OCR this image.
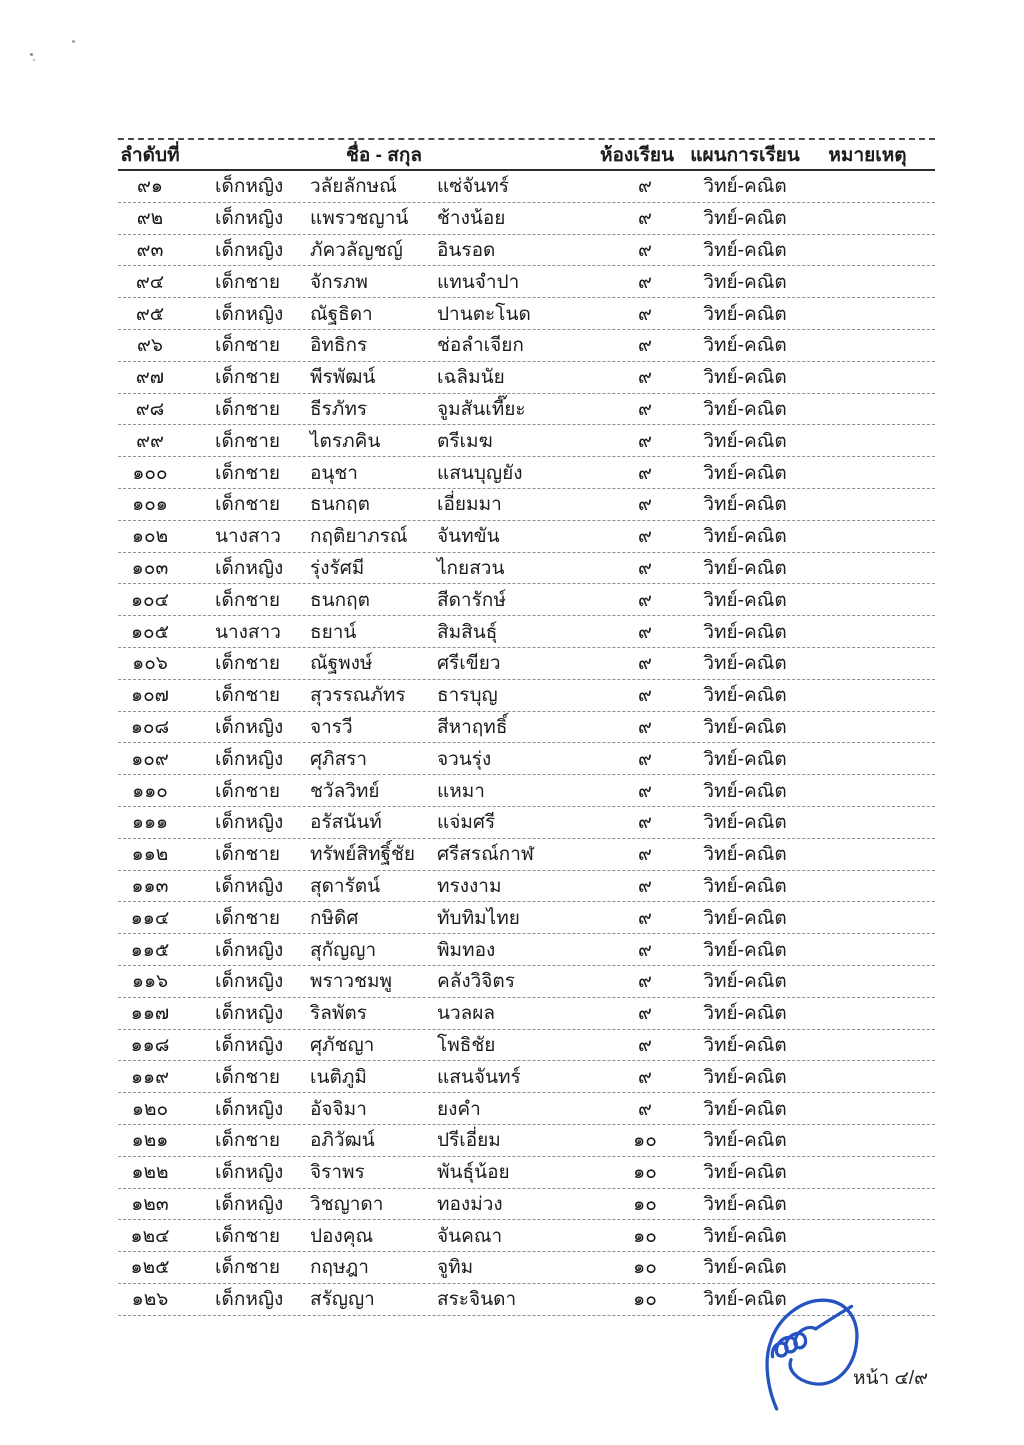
ลำดับที่	ชื่อ - สกุล	ห้องเรียน แผนการเรียน	หมายเหตุ
๙๑	เด็กหญิง	วลัยลักษณ์	แซ่จันทร์	๙	วิทย์-คณิต
๙๒	เด็กหญิง	แพรวชญาน์	ช้างน้อย	๙	วิทย์-คณิต
๙๓	เด็กหญิง	ภัควลัญชญ์	อินรอด	๙	วิทย์-คณิต
๙๔	เด็กชาย	จักรภพ	แทนจำปา	๙	วิทย์-คณิต
๙๕	เด็กหญิง	ณัฐธิดา	ปานตะโนด	๙	วิทย์-คณิต
๙๖	เด็กชาย	อิทธิกร	ช่อลำเจียก	๙	วิทย์-คณิต
๙๗	เด็กชาย	พีรพัฒน์	เฉลิมนัย	๙	วิทย์-คณิต
๙๘	เด็กชาย	ธีรภัทร	จูมสันเที๊ยะ	๙	วิทย์-คณิต
๙๙	เด็กชาย	ไตรภคิน	ตรีเมฆ	๙	วิทย์-คณิต
๑๐๐	เด็กชาย	อนุชา	แสนบุญยัง	๙	วิทย์-คณิต
๑๐๑	เด็กชาย	ธนกฤต	เอี่ยมมา	๙	วิทย์-คณิต
๑๐๒	นางสาว	กฤติยาภรณ์	จันทขัน	๙	วิทย์-คณิต
๑๐๓	เด็กหญิง	รุ่งรัศมี	ไกยสวน	๙	วิทย์-คณิต
๑๐๔	เด็กชาย	ธนกฤต	สีดารักษ์	๙	วิทย์-คณิต
๑๐๕	นางสาว	ธยาน์	สิมสินธุ์	๙	วิทย์-คณิต
๑๐๖	เด็กชาย	ณัฐพงษ์	ศรีเขียว	๙	วิทย์-คณิต
๑๐๗	เด็กชาย	สุวรรณภัทร	ธารบุญ	๙	วิทย์-คณิต
๑๐๘	เด็กหญิง	จารวี	สีหาฤทธิ์	๙	วิทย์-คณิต
๑๐๙	เด็กหญิง	ศุภิสรา	จวนรุ่ง	๙	วิทย์-คณิต
๑๑๐	เด็กชาย	ชวัลวิทย์	แหมา	๙	วิทย์-คณิต
๑๑๑	เด็กหญิง	อรัสนันท์	แจ่มศรี	๙	วิทย์-คณิต
๑๑๒	เด็กชาย	ทรัพย์สิทฐิ์ชัย	ศรีสรณ์กาฬ	๙	วิทย์-คณิต
๑๑๓	เด็กหญิง	สุดารัตน์	ทรงงาม	๙	วิทย์-คณิต
๑๑๔	เด็กชาย	กษิดิศ	ทับทิมไทย	๙	วิทย์-คณิต
๑๑๕	เด็กหญิง	สุกัญญา	พิมทอง	๙	วิทย์-คณิต
๑๑๖	เด็กหญิง	พราวชมพู	คลังวิจิตร	๙	วิทย์-คณิต
๑๑๗	เด็กหญิง	ริลพัตร	นวลผล	๙	วิทย์-คณิต
๑๑๘	เด็กหญิง	ศุภัชญา	โพธิชัย	๙	วิทย์-คณิต
๑๑๙	เด็กชาย	เนติภูมิ	แสนจันทร์	๙	วิทย์-คณิต
๑๒๐	เด็กหญิง	อัจจิมา	ยงคำ	๙	วิทย์-คณิต
๑๒๑	เด็กชาย	อภิวัฒน์	ปรีเอี่ยม	๑๐	วิทย์-คณิต
๑๒๒	เด็กหญิง	จิราพร	พันธุ์น้อย	๑๐	วิทย์-คณิต
๑๒๓	เด็กหญิง	วิชญาดา	ทองม่วง	๑๐	วิทย์-คณิต
๑๒๔	เด็กชาย	ปองคุณ	จันคณา	๑๐	วิทย์-คณิต
๑๒๕	เด็กชาย	กฤษฎา	จูทิม	๑๐	วิทย์-คณิต
๑๒๖	เด็กหญิง	สรัญญา	สระจินดา	๑๐	วิทย์-คณิต
หน้า ๔/๙
